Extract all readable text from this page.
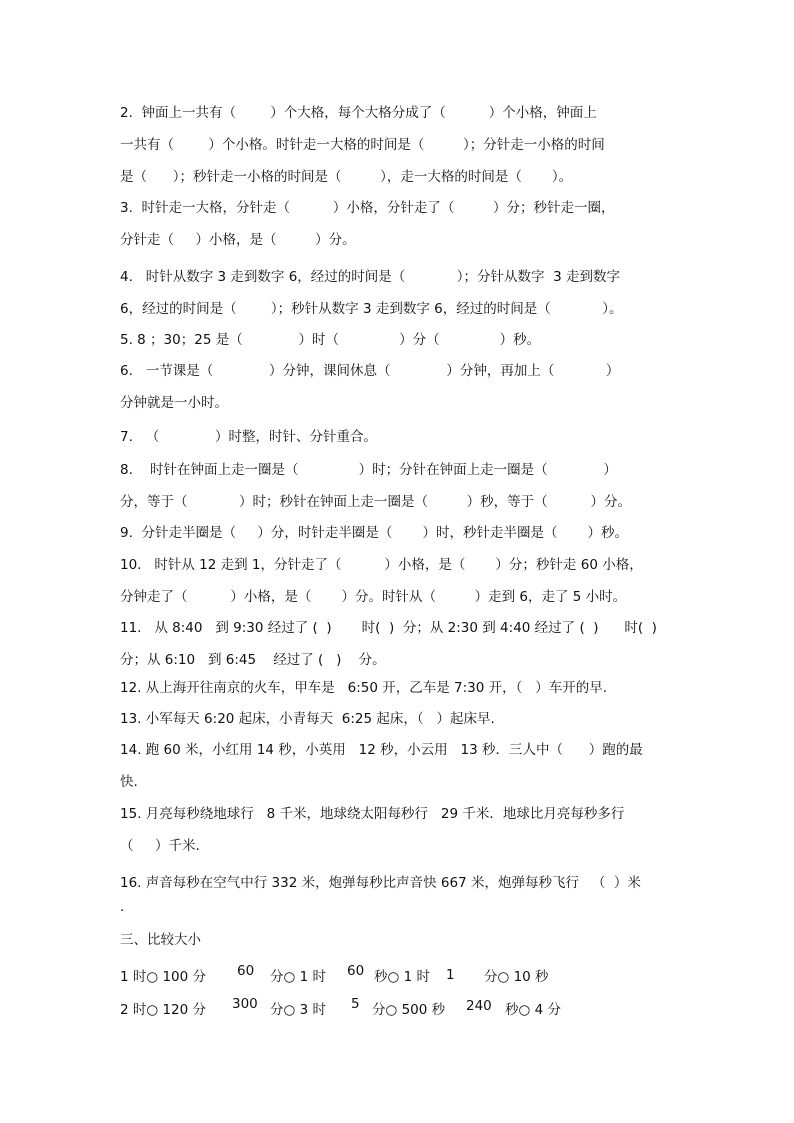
2.  钟面上一共有（        ）个大格，每个大格分成了（          ）个小格，钟面上
一共有（        ）个小格。时针走一大格的时间是（         ）；分针走一小格的时间
是（      ）；秒针走一小格的时间是（         ），走一大格的时间是（       ）。
3.  时针走一大格，分针走（          ）小格，分针走了（         ）分；秒针走一圈，
分针走（     ）小格，是（         ）分。
4.   时针从数字 3 走到数字 6，经过的时间是（            ）；分针从数字  3 走到数字
6，经过的时间是（        ）；秒针从数字 3 走到数字 6，经过的时间是（            ）。
5. 8 ；30；25 是（             ）时（              ）分（              ）秒。
6.   一节课是（             ）分钟，课间休息（             ）分钟，再加上（            ）
分钟就是一小时。
7.   （             ）时整，时针、分针重合。
8.    时针在钟面上走一圈是（              ）时；分针在钟面上走一圈是（             ）
分，等于（            ）时；秒针在钟面上走一圈是（         ）秒，等于（          ）分。
9.  分针走半圈是（     ）分，时针走半圈是（       ）时，秒针走半圈是（       ）秒。
10.   时针从 12 走到 1，分针走了（          ）小格，是（       ）分；秒针走 60 小格，
分钟走了（          ）小格，是（       ）分。时针从（         ）走到 6，走了 5 小时。
11.   从 8:40   到 9:30 经过了 (  )       时(  )  分；从 2:30 到 4:40 经过了 (  )      时(  )
分；从 6:10   到 6:45    经过了 (   )    分。
12. 从上海开往南京的火车，甲车是   6:50 开，乙车是 7:30 开，（   ）车开的早.
13. 小军每天 6:20 起床，小青每天  6:25 起床，（   ）起床早.
14. 跑 60 米，小红用 14 秒，小英用   12 秒，小云用   13 秒．三人中（      ）跑的最
快.
15. 月亮每秒绕地球行   8 千米，地球绕太阳每秒行   29 千米．地球比月亮每秒多行
（     ）千米.
16. 声音每秒在空气中行 332 米，炮弹每秒比声音快 667 米，炮弹每秒飞行   （  ）米
.
三、比较大小
1 时○ 100 分 60 分○ 1 时 60 秒○ 1 时 1 分○ 10 秒
2 时○ 120 分 300 分○ 3 时 5 分○ 500 秒 240 秒○ 4 分
